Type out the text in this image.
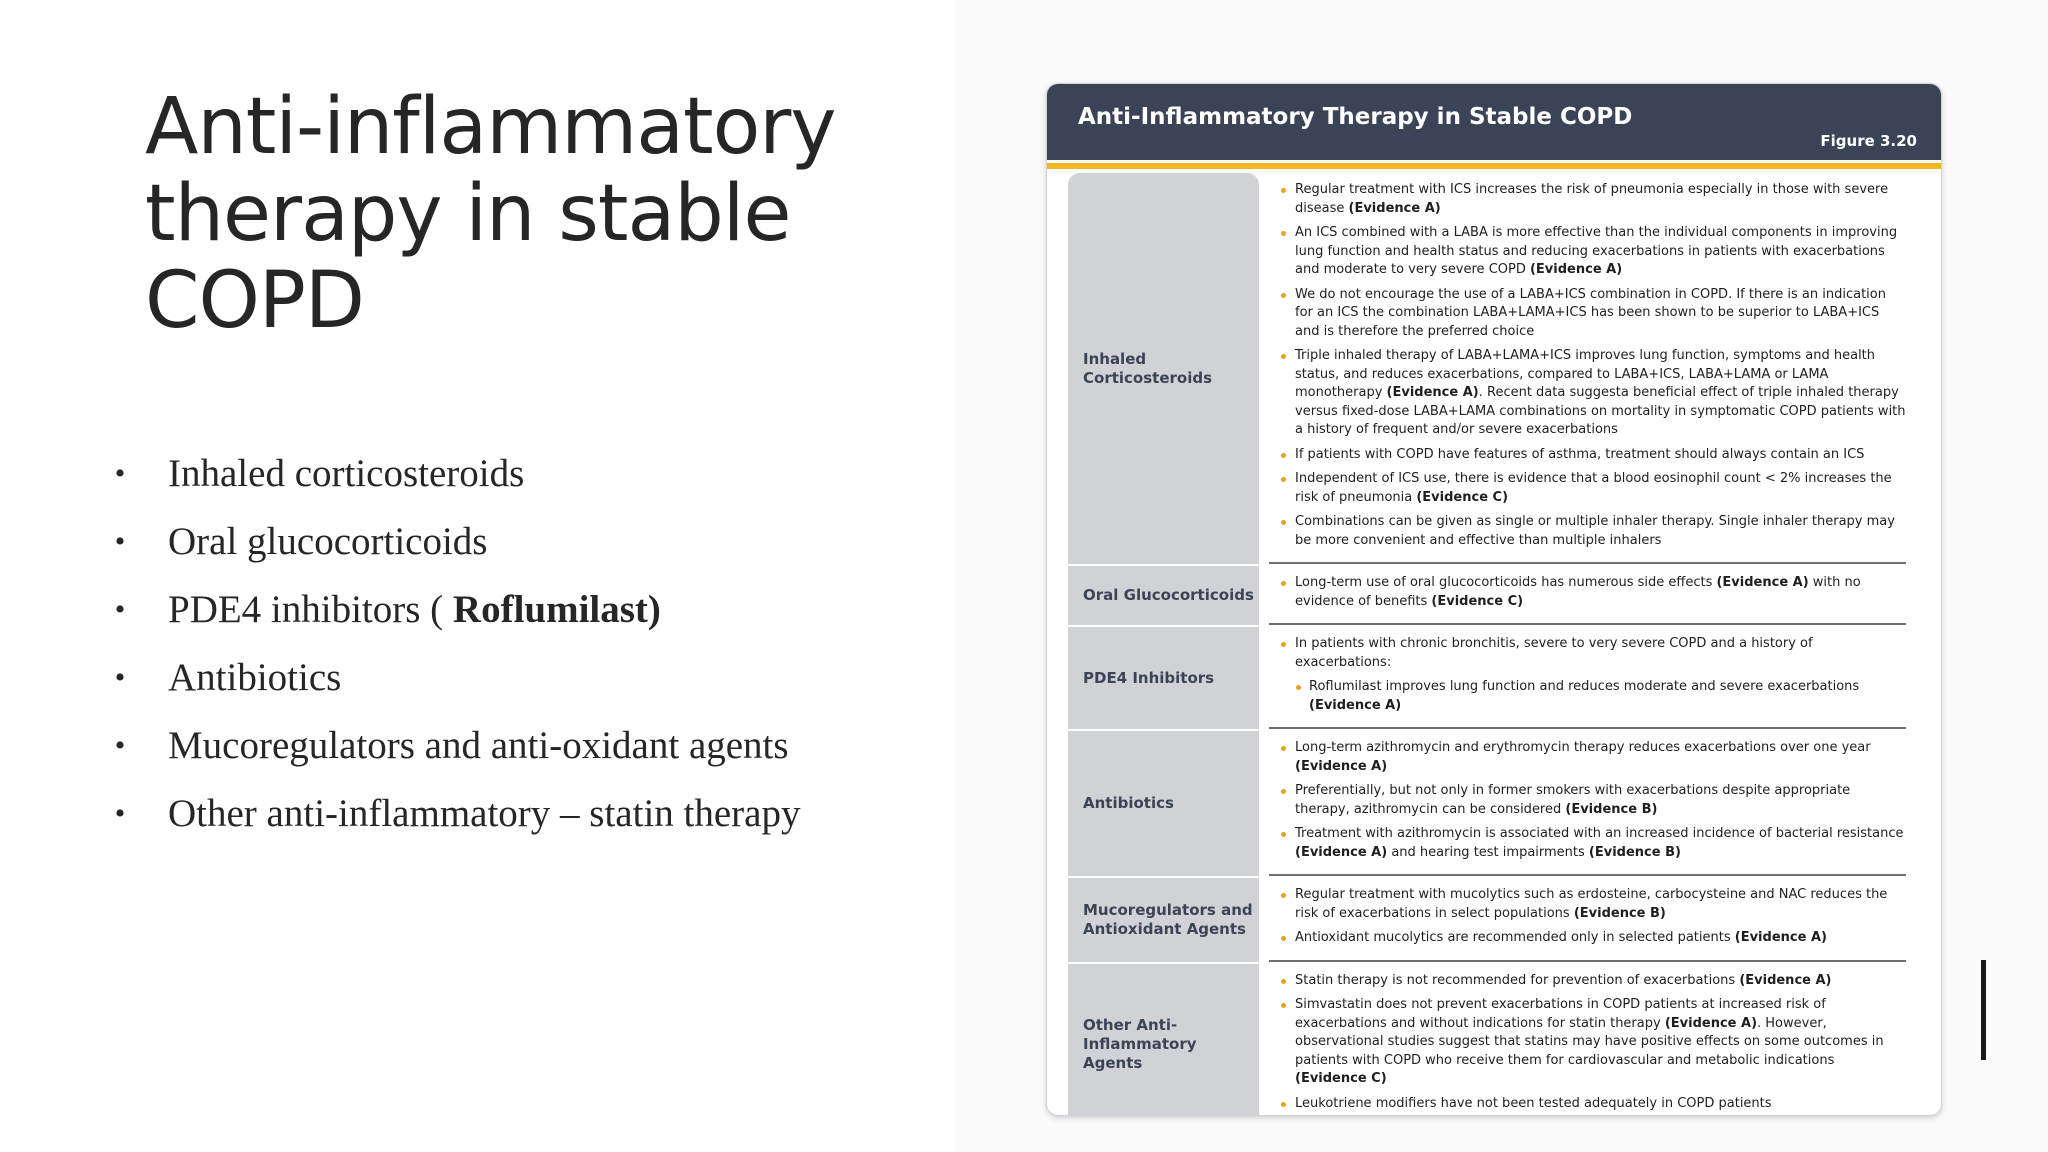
Anti-inflammatory therapy in stable COPD
• Inhaled corticosteroids
• Oral glucocorticoids
• PDE4 inhibitors ( Roflumilast)
• Antibiotics
• Mucoregulators and anti-oxidant agents
• Other anti-inflammatory – statin therapy
Anti-Inflammatory Therapy in Stable COPD
Figure 3.20
Inhaled Corticosteroids
Regular treatment with ICS increases the risk of pneumonia especially in those with severe disease (Evidence A)
An ICS combined with a LABA is more effective than the individual components in improving lung function and health status and reducing exacerbations in patients with exacerbations and moderate to very severe COPD (Evidence A)
We do not encourage the use of a LABA+ICS combination in COPD. If there is an indication for an ICS the combination LABA+LAMA+ICS has been shown to be superior to LABA+ICS and is therefore the preferred choice
Triple inhaled therapy of LABA+LAMA+ICS improves lung function, symptoms and health status, and reduces exacerbations, compared to LABA+ICS, LABA+LAMA or LAMA monotherapy (Evidence A). Recent data suggesta beneficial effect of triple inhaled therapy versus fixed-dose LABA+LAMA combinations on mortality in symptomatic COPD patients with a history of frequent and/or severe exacerbations
If patients with COPD have features of asthma, treatment should always contain an ICS
Independent of ICS use, there is evidence that a blood eosinophil count < 2% increases the risk of pneumonia (Evidence C)
Combinations can be given as single or multiple inhaler therapy. Single inhaler therapy may be more convenient and effective than multiple inhalers
Oral Glucocorticoids
Long-term use of oral glucocorticoids has numerous side effects (Evidence A) with no evidence of benefits (Evidence C)
PDE4 Inhibitors
In patients with chronic bronchitis, severe to very severe COPD and a history of exacerbations:
Roflumilast improves lung function and reduces moderate and severe exacerbations (Evidence A)
Antibiotics
Long-term azithromycin and erythromycin therapy reduces exacerbations over one year (Evidence A)
Preferentially, but not only in former smokers with exacerbations despite appropriate therapy, azithromycin can be considered (Evidence B)
Treatment with azithromycin is associated with an increased incidence of bacterial resistance (Evidence A) and hearing test impairments (Evidence B)
Mucoregulators and Antioxidant Agents
Regular treatment with mucolytics such as erdosteine, carbocysteine and NAC reduces the risk of exacerbations in select populations (Evidence B)
Antioxidant mucolytics are recommended only in selected patients (Evidence A)
Other Anti-Inflammatory Agents
Statin therapy is not recommended for prevention of exacerbations (Evidence A)
Simvastatin does not prevent exacerbations in COPD patients at increased risk of exacerbations and without indications for statin therapy (Evidence A). However, observational studies suggest that statins may have positive effects on some outcomes in patients with COPD who receive them for cardiovascular and metabolic indications (Evidence C)
Leukotriene modifiers have not been tested adequately in COPD patients
